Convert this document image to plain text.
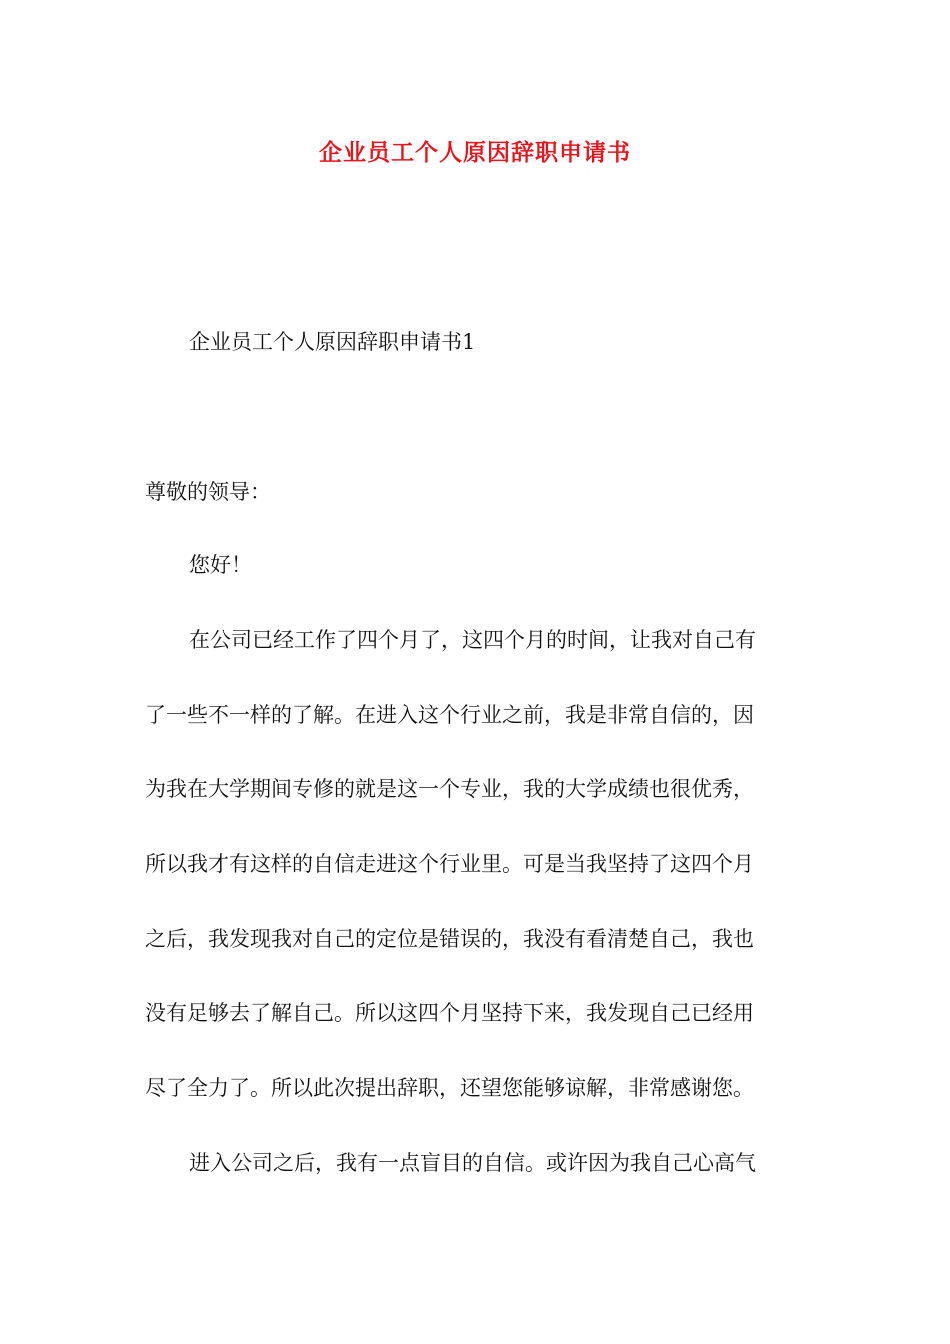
企业员工个人原因辞职申请书
企业员工个人原因辞职申请书1
尊敬的领导：
您好！
在公司已经工作了四个月了，这四个月的时间，让我对自己有
了一些不一样的了解。在进入这个行业之前，我是非常自信的，因
为我在大学期间专修的就是这一个专业，我的大学成绩也很优秀，
所以我才有这样的自信走进这个行业里。可是当我坚持了这四个月
之后，我发现我对自己的定位是错误的，我没有看清楚自己，我也
没有足够去了解自己。所以这四个月坚持下来，我发现自己已经用
尽了全力了。所以此次提出辞职，还望您能够谅解，非常感谢您。
进入公司之后，我有一点盲目的自信。或许因为我自己心高气
